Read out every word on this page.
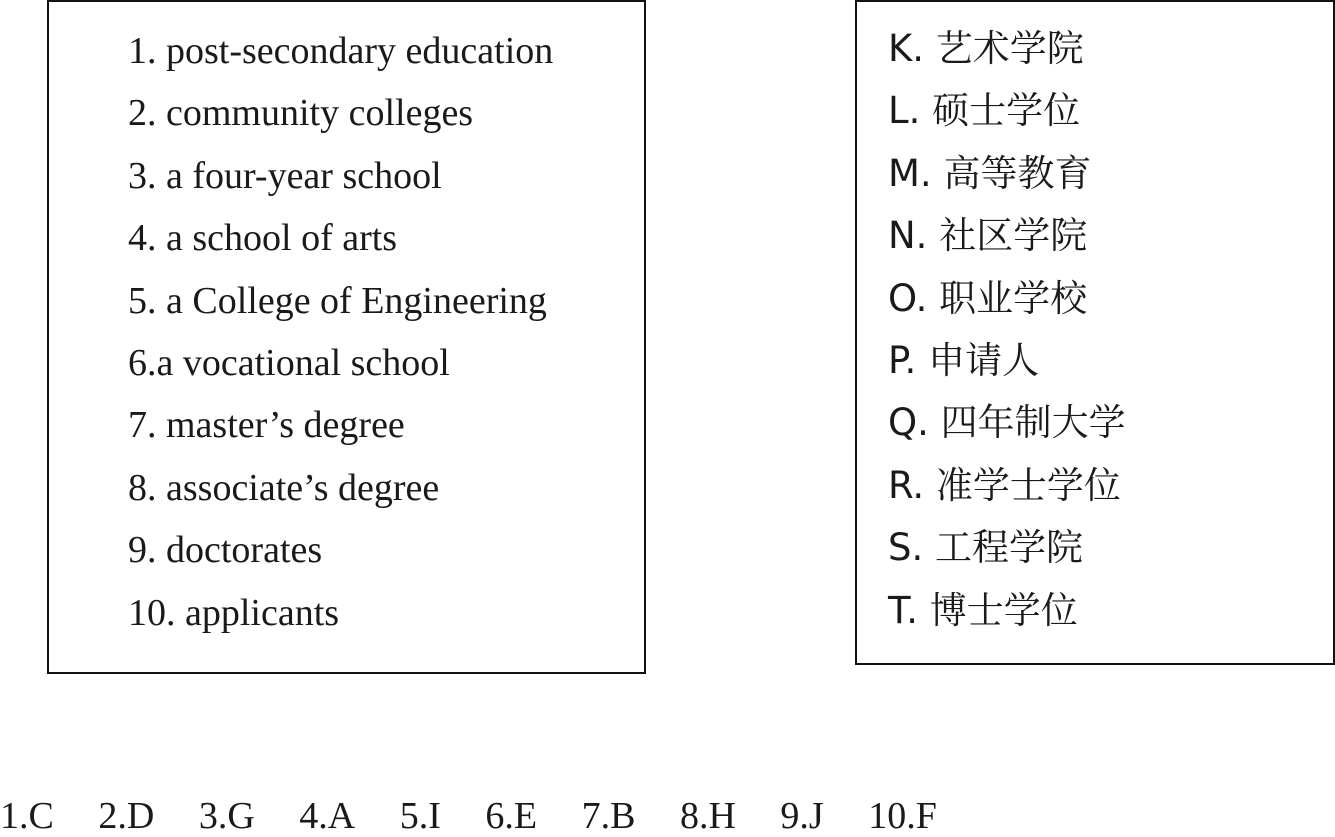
1. post-secondary education
2. community colleges
3. a four-year school
4. a school of arts
5. a College of Engineering
6.a vocational school
7. master’s degree
8. associate’s degree
9. doctorates
10. applicants
K. 艺术学院
L. 硕士学位
M. 高等教育
N. 社区学院
O. 职业学校
P. 申请人
Q. 四年制大学
R. 准学士学位
S. 工程学院
T. 博士学位
1.C 2.D 3.G 4.A 5.I 6.E 7.B 8.H 9.J 10.F
